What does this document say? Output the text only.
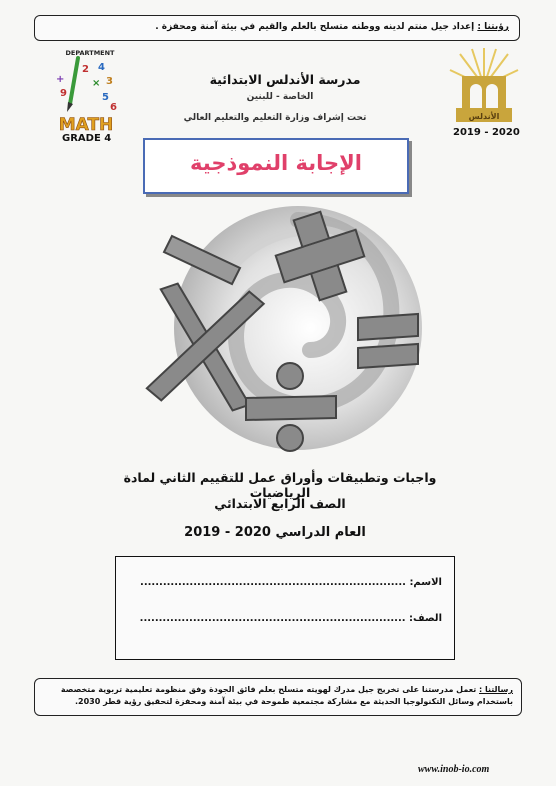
رؤيتنا : إعداد جيل منتم لدينه ووطنه متسلح بالعلم والقيم في بيئة آمنة ومحفزة .
DEPARTMENT
2 4
× 3
+
9	5
6
MATH
GRADE 4
مدرسة الأندلس الابتدائية
الخاصة - للبنين
تحت إشراف وزارة التعليم والتعليم العالي	الأندلس
2019 - 2020
الإجابة النموذجية
واجبات وتطبيقات وأوراق عمل للتقييم الثاني لمادة الرياضيات
الصف الرابع الابتدائي
العام الدراسي 2020 - 2019
الاسم: ......................................................................
الصف: ......................................................................
رسالتنا : تعمل مدرستنا على تخريج جيل مدرك لهويته متسلح بعلم فائق الجودة وفق منظومة تعليمية تربوية متخصصة باستخدام وسائل التكنولوجيا الحديثة مع مشاركة مجتمعية طموحة في بيئة آمنة ومحفزة لتحقيق رؤية قطر 2030.
www.inob-io.com
